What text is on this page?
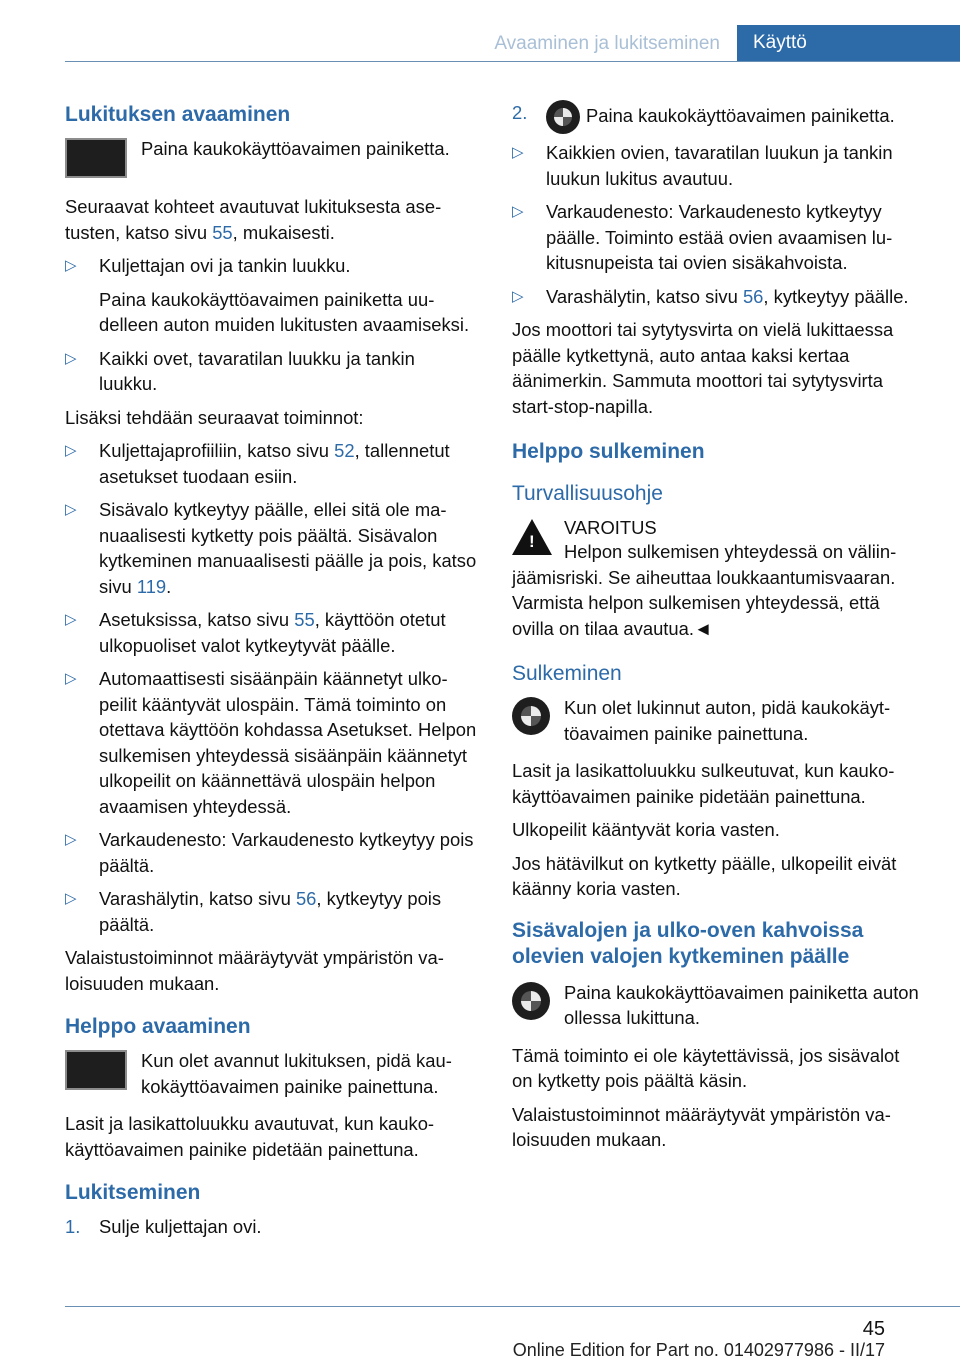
Avaaminen ja lukitseminen Käyttö
Lukituksen avaaminen
Paina kaukokäyttöavaimen painiketta.

Seuraavat kohteet avautuvat lukituksesta asetusten, katso sivu 55, mukaisesti.

▷ Kuljettajan ovi ja tankin luukku.
Paina kaukokäyttöavaimen painiketta uudelleen auton muiden lukitusten avaamiseksi.
▷ Kaikki ovet, tavaratilan luukku ja tankin luukku.

Lisäksi tehdään seuraavat toiminnot:

▷ Kuljettajaprofiiliin, katso sivu 52, tallennetut asetukset tuodaan esiin.
▷ Sisävalo kytkeytyy päälle, ellei sitä ole manuaalisesti kytketty pois päältä. Sisävalon kytkeminen manuaalisesti päälle ja pois, katso sivu 119.
▷ Asetuksissa, katso sivu 55, käyttöön otetut ulkopuoliset valot kytkeytyvät päälle.
▷ Automaattisesti sisäänpäin käännetyt ulkopeilit kääntyvät ulospäin. Tämä toiminto on otettava käyttöön kohdassa Asetukset. Helpon sulkemisen yhteydessä sisäänpäin käännetyt ulkopeilit on käännettävä ulospäin helpon avaamisen yhteydessä.
▷ Varkaudenesto: Varkaudenesto kytkeytyy pois päältä.
▷ Varashälytin, katso sivu 56, kytkeytyy pois päältä.

Valaistustoiminnot määräytyvät ympäristön valoisuuden mukaan.

Helppo avaaminen
Kun olet avannut lukituksen, pidä kaukokäyttöavaimen painike painettuna.

Lasit ja lasikattoluukku avautuvat, kun kaukokäyttöavaimen painike pidetään painettuna.

Lukitseminen
1. Sulje kuljettajan ovi.
2.	Paina kaukokäyttöavaimen painiketta.
▷ Kaikkien ovien, tavaratilan luukun ja tankin luukun lukitus avautuu.
▷ Varkaudenesto: Varkaudenesto kytkeytyy päälle. Toiminto estää ovien avaamisen lukitusnupeista tai ovien sisäkahvoista.
▷ Varashälytin, katso sivu 56, kytkeytyy päälle.

Jos moottori tai sytytysvirta on vielä lukittaessa päälle kytkettynä, auto antaa kaksi kertaa äänimerkin. Sammuta moottori tai sytytysvirta start-stop-napilla.

Helppo sulkeminen
Turvallisuusohje
!
VAROITUS

Helpon sulkemisen yhteydessä on väliinjäämisriski. Se aiheuttaa loukkaantumisvaaran. Varmista helpon sulkemisen yhteydessä, että ovilla on tilaa avautua.◄

Sulkeminen
Kun olet lukinnut auton, pidä kaukokäyttöavaimen painike painettuna.

Lasit ja lasikattoluukku sulkeutuvat, kun kaukokäyttöavaimen painike pidetään painettuna.

Ulkopeilit kääntyvät koria vasten.

Jos hätävilkut on kytketty päälle, ulkopeilit eivät käänny koria vasten.

Sisävalojen ja ulko-oven kahvoissa olevien valojen kytkeminen päälle
Paina kaukokäyttöavaimen painiketta auton ollessa lukittuna.

Tämä toiminto ei ole käytettävissä, jos sisävalot on kytketty pois päältä käsin.

Valaistustoiminnot määräytyvät ympäristön valoisuuden mukaan.

45
Online Edition for Part no. 01402977986 - II/17
